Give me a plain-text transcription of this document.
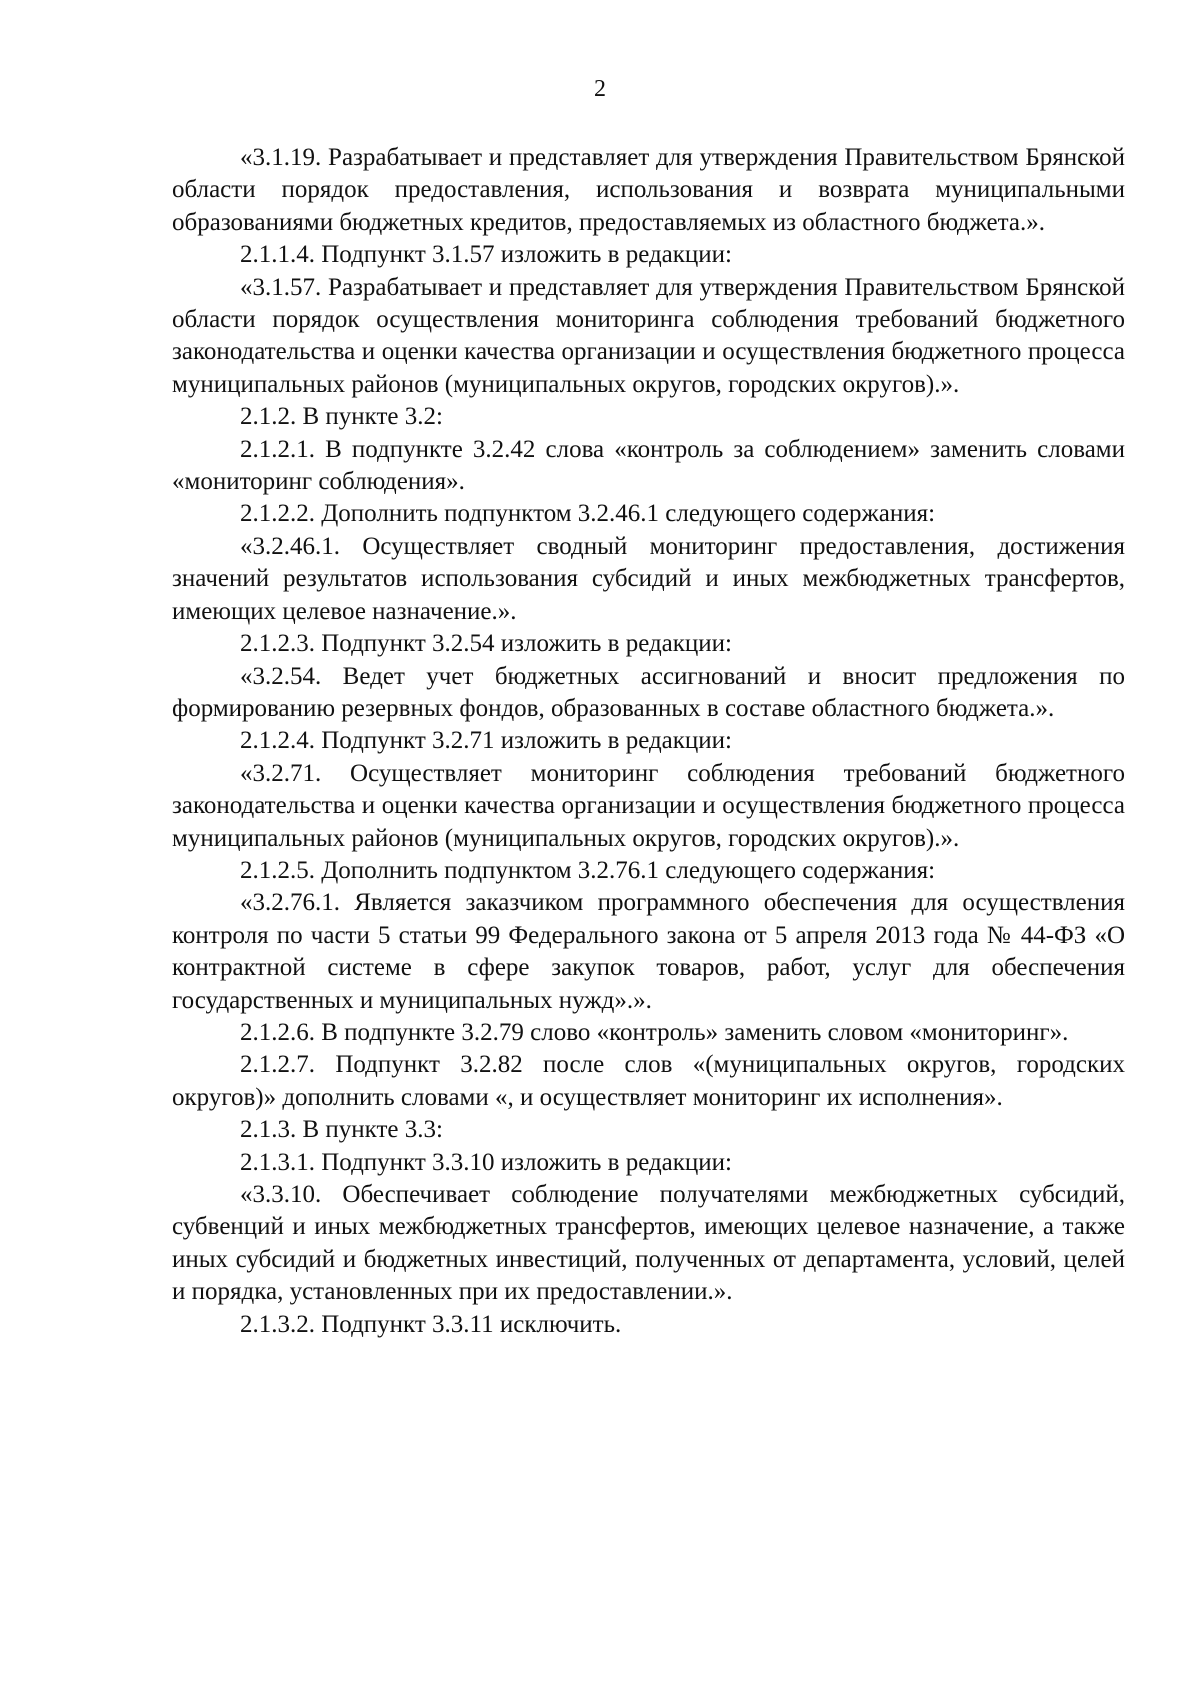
2

«3.1.19. Разрабатывает и представляет для утверждения Правительством Брянской области порядок предоставления, использования и возврата муниципальными образованиями бюджетных кредитов, предоставляемых из областного бюджета.».

2.1.1.4. Подпункт 3.1.57 изложить в редакции:

«3.1.57. Разрабатывает и представляет для утверждения Правительством Брянской области порядок осуществления мониторинга соблюдения требований бюджетного законодательства и оценки качества организации и осуществления бюджетного процесса муниципальных районов (муниципальных округов, городских округов).».

2.1.2. В пункте 3.2:

2.1.2.1. В подпункте 3.2.42 слова «контроль за соблюдением» заменить словами «мониторинг соблюдения».

2.1.2.2. Дополнить подпунктом 3.2.46.1 следующего содержания:

«3.2.46.1. Осуществляет сводный мониторинг предоставления, достижения значений результатов использования субсидий и иных межбюджетных трансфертов, имеющих целевое назначение.».

2.1.2.3. Подпункт 3.2.54 изложить в редакции:

«3.2.54. Ведет учет бюджетных ассигнований и вносит предложения по формированию резервных фондов, образованных в составе областного бюджета.».

2.1.2.4. Подпункт 3.2.71 изложить в редакции:

«3.2.71. Осуществляет мониторинг соблюдения требований бюджетного законодательства и оценки качества организации и осуществления бюджетного процесса муниципальных районов (муниципальных округов, городских округов).».

2.1.2.5. Дополнить подпунктом 3.2.76.1 следующего содержания:

«3.2.76.1. Является заказчиком программного обеспечения для осуществления контроля по части 5 статьи 99 Федерального закона от 5 апреля 2013 года № 44-ФЗ «О контрактной системе в сфере закупок товаров, работ, услуг для обеспечения государственных и муниципальных нужд».».

2.1.2.6. В подпункте 3.2.79 слово «контроль» заменить словом «мониторинг».

2.1.2.7. Подпункт 3.2.82 после слов «(муниципальных округов, городских округов)» дополнить словами «, и осуществляет мониторинг их исполнения».

2.1.3. В пункте 3.3:

2.1.3.1. Подпункт 3.3.10 изложить в редакции:

«3.3.10. Обеспечивает соблюдение получателями межбюджетных субсидий, субвенций и иных межбюджетных трансфертов, имеющих целевое назначение, а также иных субсидий и бюджетных инвестиций, полученных от департамента, условий, целей и порядка, установленных при их предоставлении.».

2.1.3.2. Подпункт 3.3.11 исключить.
